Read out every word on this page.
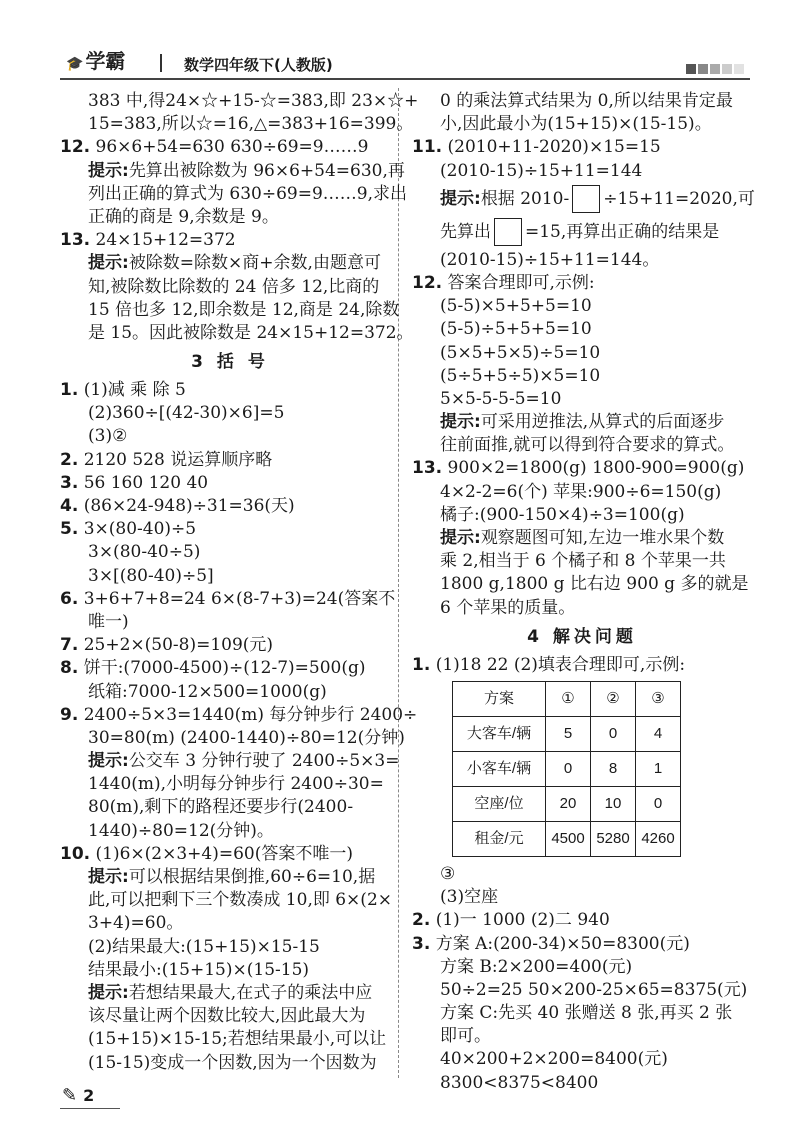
🎓 学霸	数学四年级下(人教版)
383 中,得24×☆+15-☆=383,即 23×☆+
15=383,所以☆=16,△=383+16=399。
12. 96×6+54=630 630÷69=9……9
提示:先算出被除数为 96×6+54=630,再
列出正确的算式为 630÷69=9……9,求出
正确的商是 9,余数是 9。
13. 24×15+12=372
提示:被除数=除数×商+余数,由题意可
知,被除数比除数的 24 倍多 12,比商的
15 倍也多 12,即余数是 12,商是 24,除数
是 15。因此被除数是 24×15+12=372。
3 括 号
1. (1)减 乘 除 5
(2)360÷[(42-30)×6]=5
(3)②
2. 2120 528 说运算顺序略
3. 56 160 120 40
4. (86×24-948)÷31=36(天)
5. 3×(80-40)÷5
3×(80-40÷5)
3×[(80-40)÷5]
6. 3+6+7+8=24 6×(8-7+3)=24(答案不
唯一)
7. 25+2×(50-8)=109(元)
8. 饼干:(7000-4500)÷(12-7)=500(g)
纸箱:7000-12×500=1000(g)
9. 2400÷5×3=1440(m) 每分钟步行 2400÷
30=80(m) (2400-1440)÷80=12(分钟)
提示:公交车 3 分钟行驶了 2400÷5×3=
1440(m),小明每分钟步行 2400÷30=
80(m),剩下的路程还要步行(2400-
1440)÷80=12(分钟)。
10. (1)6×(2×3+4)=60(答案不唯一)
提示:可以根据结果倒推,60÷6=10,据
此,可以把剩下三个数凑成 10,即 6×(2×
3+4)=60。
(2)结果最大:(15+15)×15-15
结果最小:(15+15)×(15-15)
提示:若想结果最大,在式子的乘法中应
该尽量让两个因数比较大,因此最大为
(15+15)×15-15;若想结果最小,可以让
(15-15)变成一个因数,因为一个因数为
0 的乘法算式结果为 0,所以结果肯定最
小,因此最小为(15+15)×(15-15)。
11. (2010+11-2020)×15=15
(2010-15)÷15+11=144
提示:根据 2010- ÷15+11=2020,可
先算出 =15,再算出正确的结果是
(2010-15)÷15+11=144。
12. 答案合理即可,示例:
(5-5)×5+5+5=10
(5-5)÷5+5+5=10
(5×5+5×5)÷5=10
(5÷5+5÷5)×5=10
5×5-5-5-5=10
提示:可采用逆推法,从算式的后面逐步
往前面推,就可以得到符合要求的算式。
13. 900×2=1800(g) 1800-900=900(g)
4×2-2=6(个) 苹果:900÷6=150(g)
橘子:(900-150×4)÷3=100(g)
提示:观察题图可知,左边一堆水果个数
乘 2,相当于 6 个橘子和 8 个苹果一共
1800 g,1800 g 比右边 900 g 多的就是
6 个苹果的质量。
4 解决问题
1. (1)18 22 (2)填表合理即可,示例:
方案	①	②	③
大客车/辆	5	0	4
小客车/辆	0	8	1
空座/位	20	10	0
租金/元	4500	5280	4260
③
(3)空座
2. (1)一 1000 (2)二 940
3. 方案 A:(200-34)×50=8300(元)
方案 B:2×200=400(元)
50÷2=25 50×200-25×65=8375(元)
方案 C:先买 40 张赠送 8 张,再买 2 张
即可。
40×200+2×200=8400(元)
8300<8375<8400
✎ 2
